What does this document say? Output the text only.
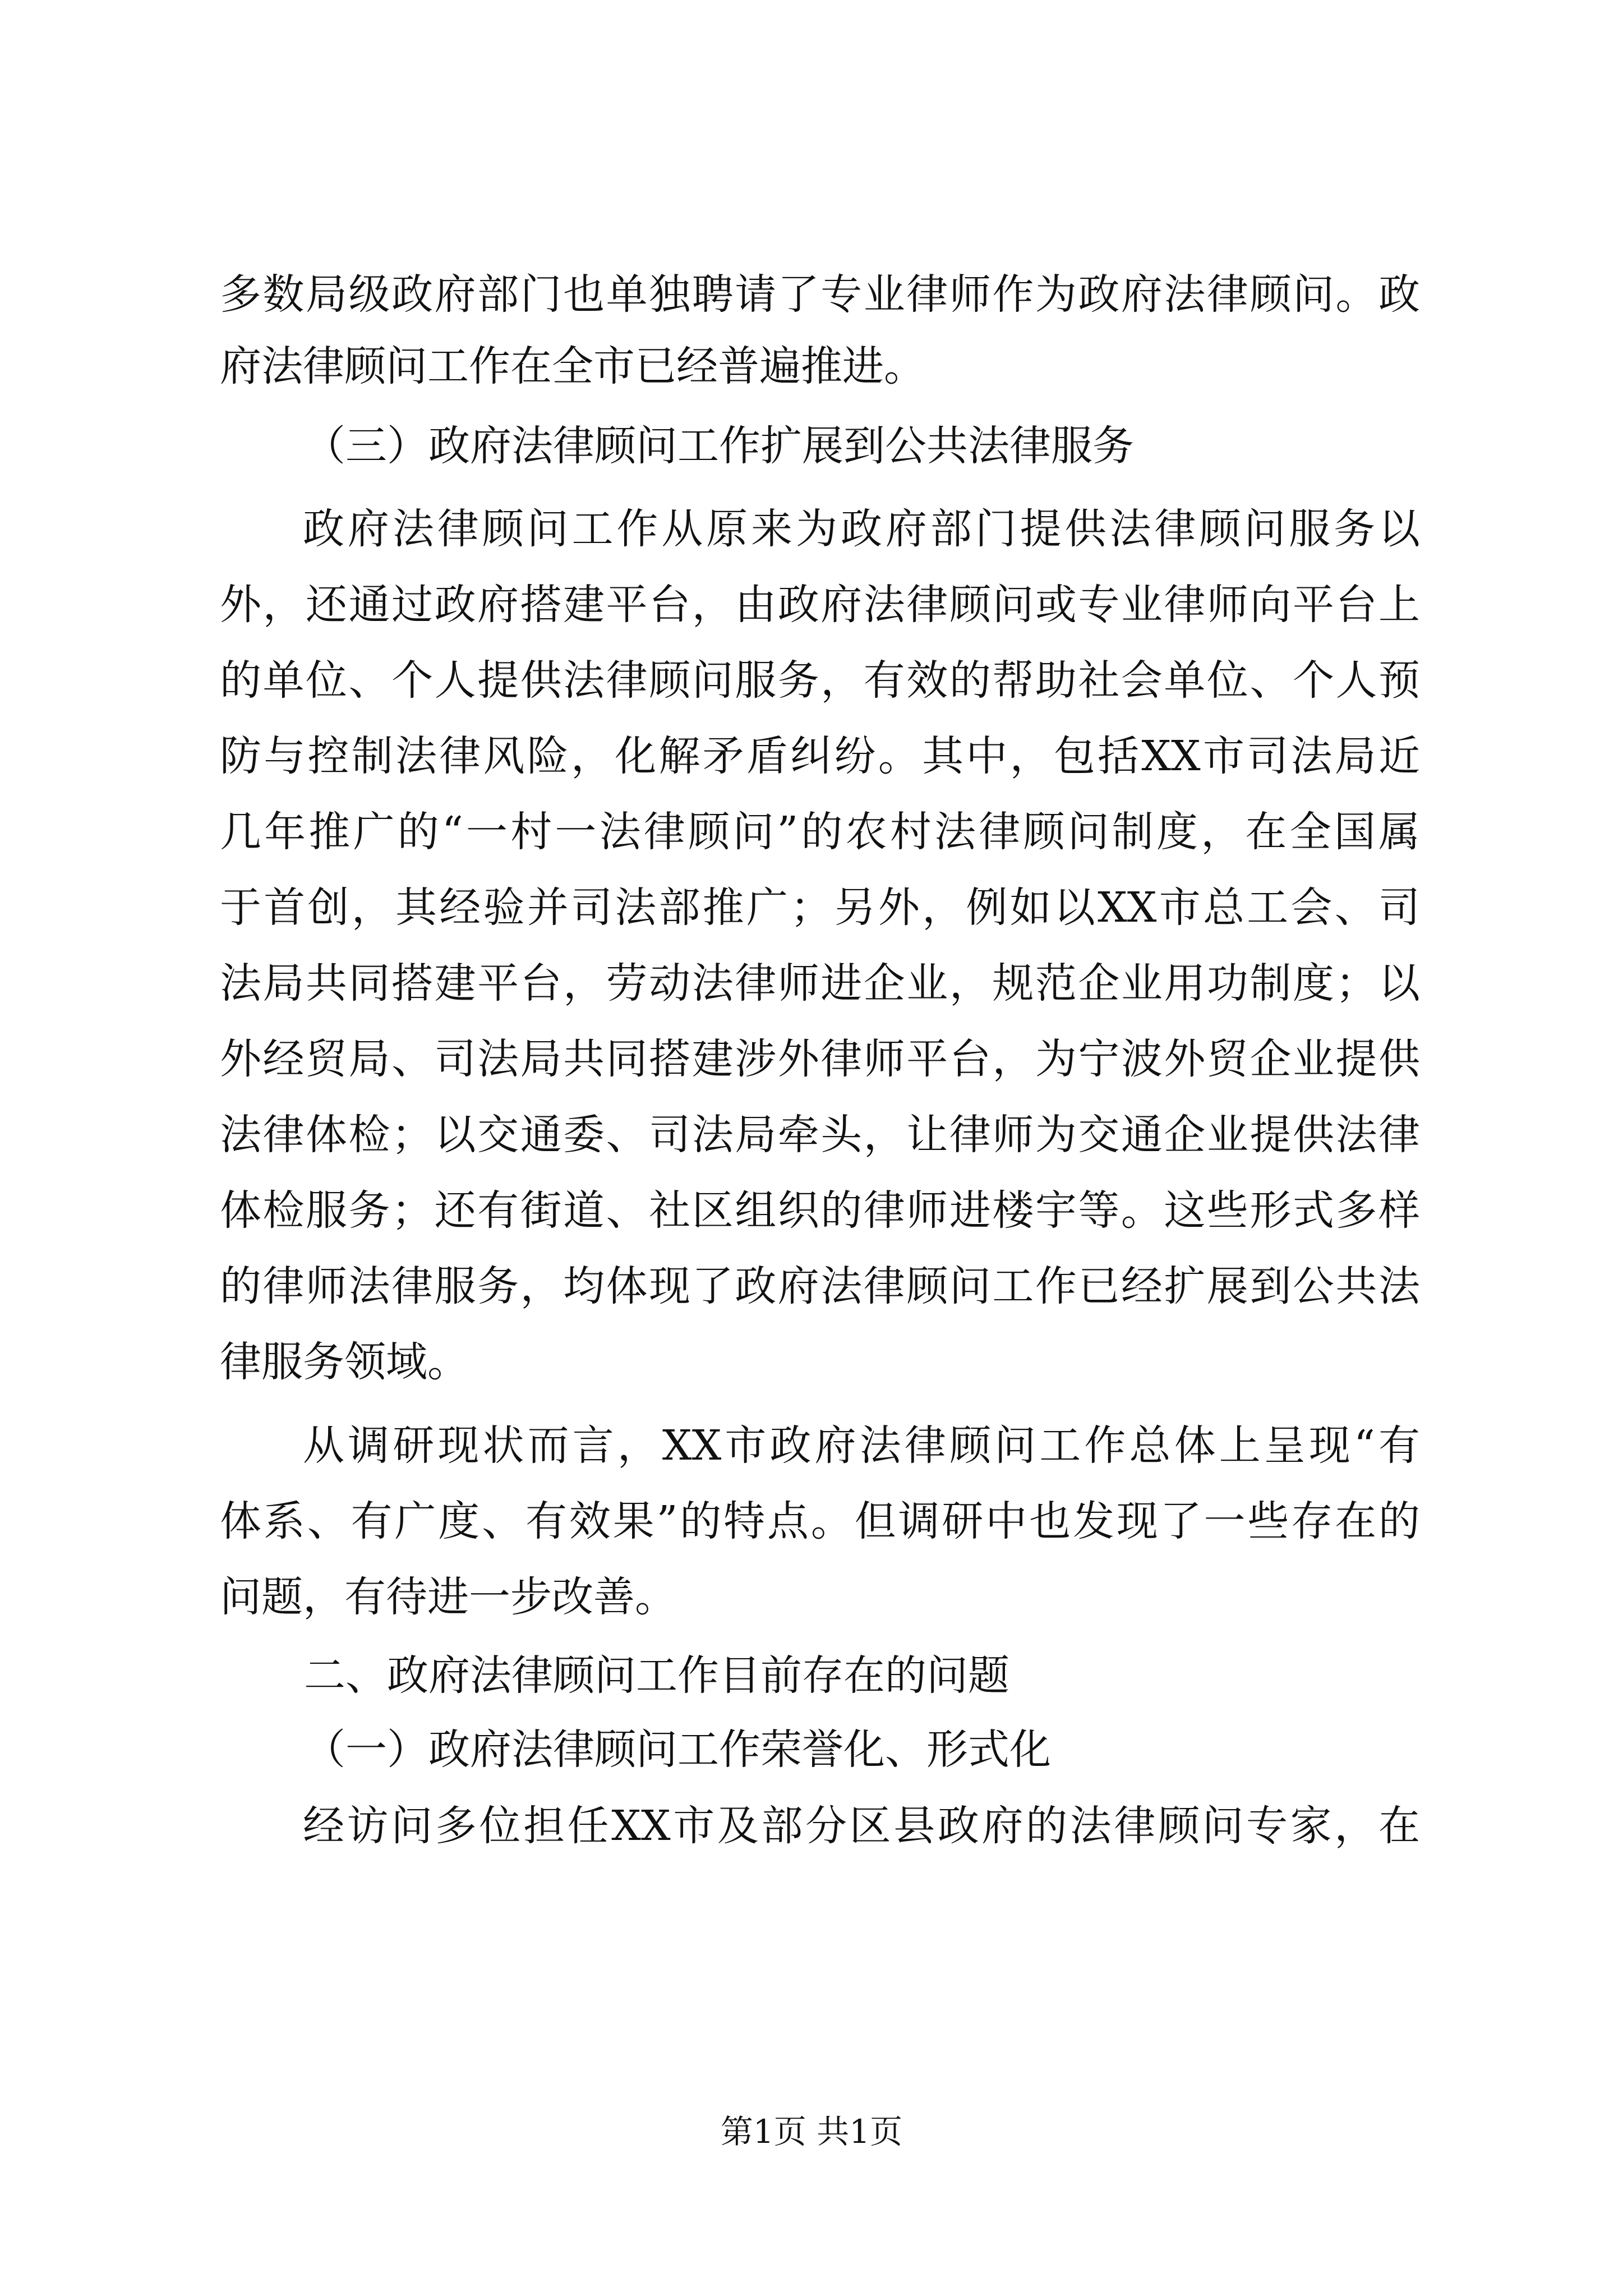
多数局级政府部门也单独聘请了专业律师作为政府法律顾问。政
府法律顾问工作在全市已经普遍推进。
（三）政府法律顾问工作扩展到公共法律服务
政府法律顾问工作从原来为政府部门提供法律顾问服务以
外，还通过政府搭建平台，由政府法律顾问或专业律师向平台上
的单位、个人提供法律顾问服务，有效的帮助社会单位、个人预
防与控制法律风险，化解矛盾纠纷。其中，包括XX市司法局近
几年推广的“一村一法律顾问”的农村法律顾问制度，在全国属
于首创，其经验并司法部推广；另外，例如以XX市总工会、司
法局共同搭建平台，劳动法律师进企业，规范企业用功制度；以
外经贸局、司法局共同搭建涉外律师平台，为宁波外贸企业提供
法律体检；以交通委、司法局牵头，让律师为交通企业提供法律
体检服务；还有街道、社区组织的律师进楼宇等。这些形式多样
的律师法律服务，均体现了政府法律顾问工作已经扩展到公共法
律服务领域。
从调研现状而言，XX市政府法律顾问工作总体上呈现“有
体系、有广度、有效果”的特点。但调研中也发现了一些存在的
问题，有待进一步改善。
二、政府法律顾问工作目前存在的问题
（一）政府法律顾问工作荣誉化、形式化
经访问多位担任XX市及部分区县政府的法律顾问专家，在
第1页 共1页
